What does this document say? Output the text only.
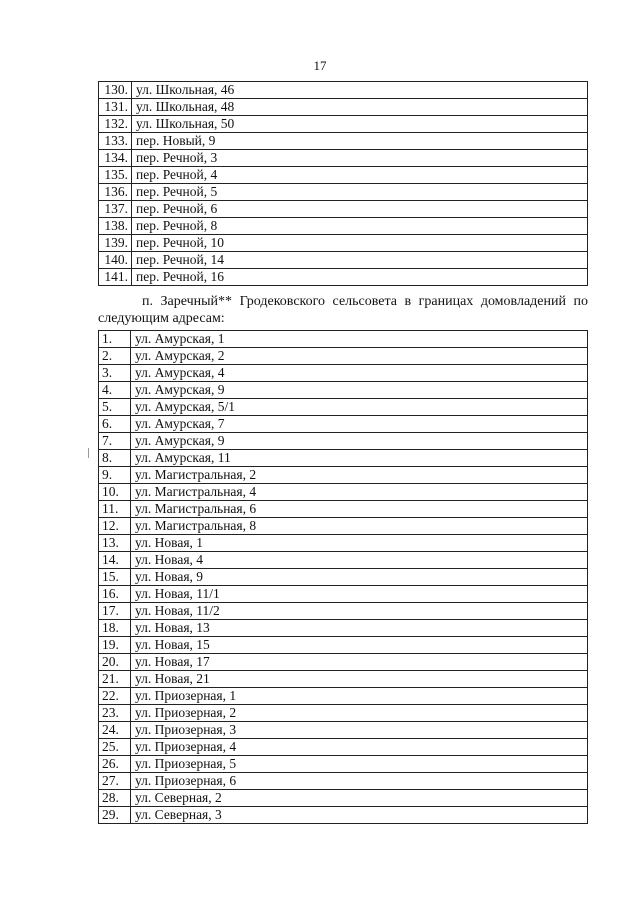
17
130.	ул. Школьная, 46
131.	ул. Школьная, 48
132.	ул. Школьная, 50
133.	пер. Новый, 9
134.	пер. Речной, 3
135.	пер. Речной, 4
136.	пер. Речной, 5
137.	пер. Речной, 6
138.	пер. Речной, 8
139.	пер. Речной, 10
140.	пер. Речной, 14
141.	пер. Речной, 16
п. Заречный** Гродековского сельсовета в границах домовладений по
следующим адресам:
1.	ул. Амурская, 1
2.	ул. Амурская, 2
3.	ул. Амурская, 4
4.	ул. Амурская, 9
5.	ул. Амурская, 5/1
6.	ул. Амурская, 7
7.	ул. Амурская, 9
8.	ул. Амурская, 11
9.	ул. Магистральная, 2
10.	ул. Магистральная, 4
11.	ул. Магистральная, 6
12.	ул. Магистральная, 8
13.	ул. Новая, 1
14.	ул. Новая, 4
15.	ул. Новая, 9
16.	ул. Новая, 11/1
17.	ул. Новая, 11/2
18.	ул. Новая, 13
19.	ул. Новая, 15
20.	ул. Новая, 17
21.	ул. Новая, 21
22.	ул. Приозерная, 1
23.	ул. Приозерная, 2
24.	ул. Приозерная, 3
25.	ул. Приозерная, 4
26.	ул. Приозерная, 5
27.	ул. Приозерная, 6
28.	ул. Северная, 2
29.	ул. Северная, 3
